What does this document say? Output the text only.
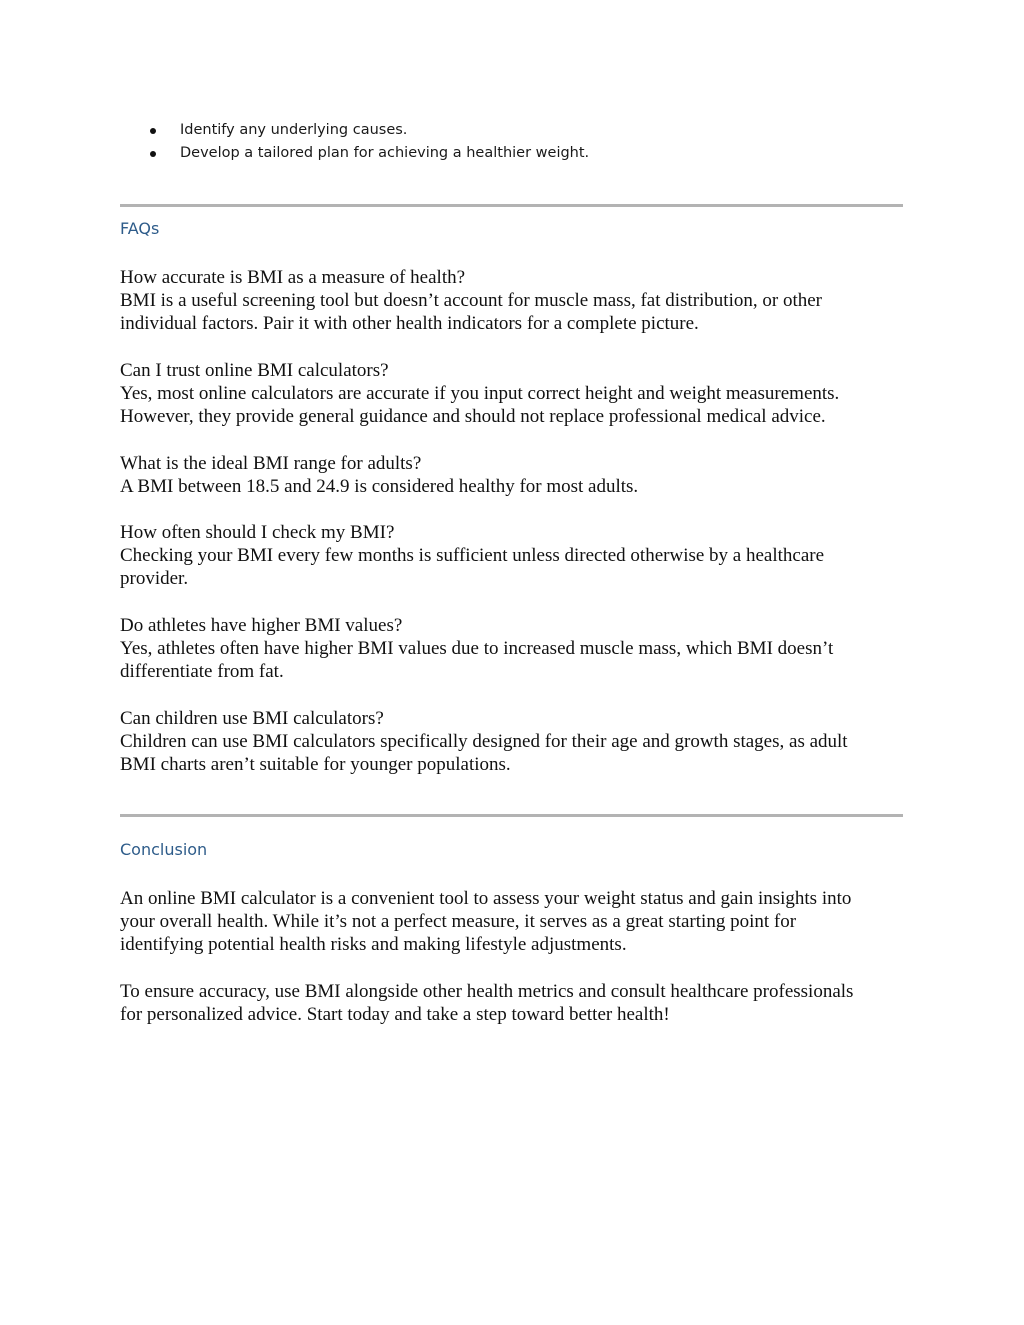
Identify any underlying causes.
Develop a tailored plan for achieving a healthier weight.
FAQs

How accurate is BMI as a measure of health?

BMI is a useful screening tool but doesn’t account for muscle mass, fat distribution, or other

individual factors. Pair it with other health indicators for a complete picture.

Can I trust online BMI calculators?

Yes, most online calculators are accurate if you input correct height and weight measurements.

However, they provide general guidance and should not replace professional medical advice.

What is the ideal BMI range for adults?

A BMI between 18.5 and 24.9 is considered healthy for most adults.

How often should I check my BMI?

Checking your BMI every few months is sufficient unless directed otherwise by a healthcare

provider.

Do athletes have higher BMI values?

Yes, athletes often have higher BMI values due to increased muscle mass, which BMI doesn’t

differentiate from fat.

Can children use BMI calculators?

Children can use BMI calculators specifically designed for their age and growth stages, as adult

BMI charts aren’t suitable for younger populations.

Conclusion

An online BMI calculator is a convenient tool to assess your weight status and gain insights into

your overall health. While it’s not a perfect measure, it serves as a great starting point for

identifying potential health risks and making lifestyle adjustments.

To ensure accuracy, use BMI alongside other health metrics and consult healthcare professionals

for personalized advice. Start today and take a step toward better health!
